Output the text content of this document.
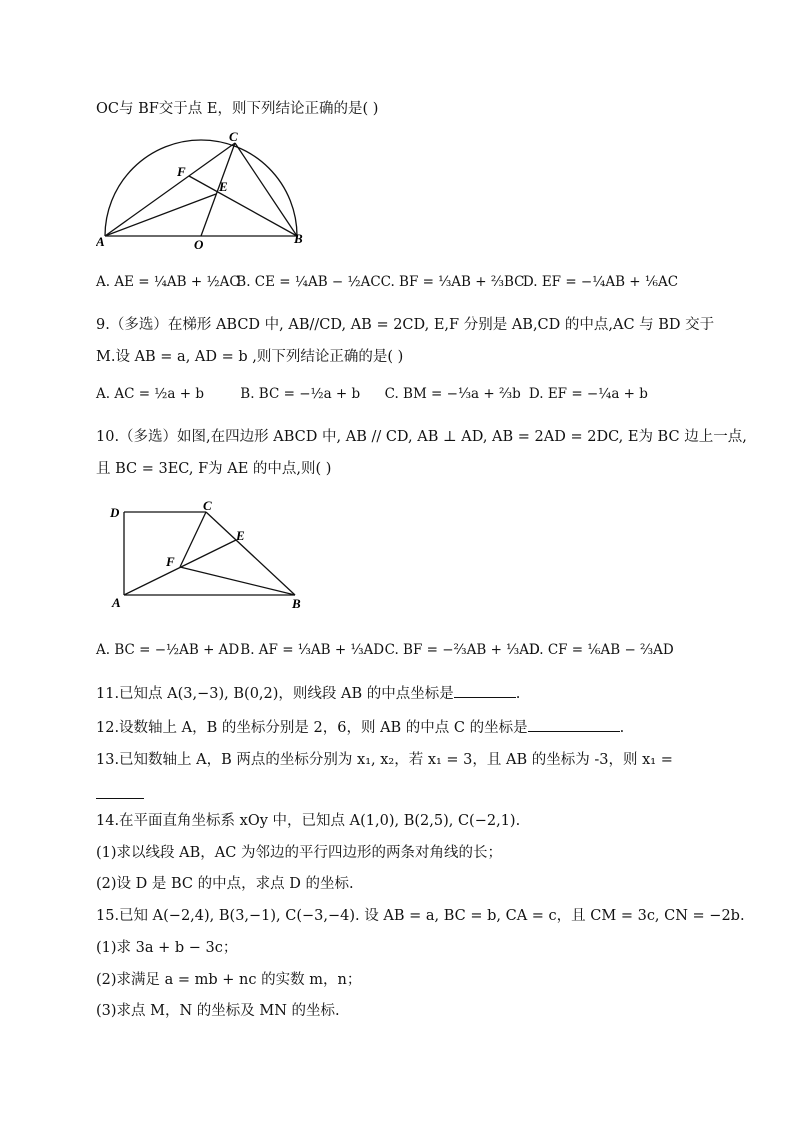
OC与 BF交于点 E，则下列结论正确的是( )
A	B
C
F
E
O
A. AE = ¼AB + ½AC B. CE = ¼AB − ½AC C. BF = ⅓AB + ⅔BC D. EF = −¼AB + ⅙AC
9.（多选）在梯形 ABCD 中, AB//CD, AB = 2CD, E,F 分别是 AB,CD 的中点,AC 与 BD 交于
M.设 AB = a, AD = b ,则下列结论正确的是( )
A. AC = ½a + b	B. BC = −½a + b C. BM = −⅓a + ⅔b D. EF = −¼a + b
10.（多选）如图,在四边形 ABCD 中, AB // CD, AB ⊥ AD, AB = 2AD = 2DC, E为 BC 边上一点,
且 BC = 3EC, F为 AE 的中点,则( )
D	C
E
F
A	B
A. BC = −½AB + AD B. AF = ⅓AB + ⅓AD C. BF = −⅔AB + ⅓AD D. CF = ⅙AB − ⅔AD
11.已知点 A(3,−3), B(0,2)，则线段 AB 的中点坐标是	.
12.设数轴上 A，B 的坐标分别是 2，6，则 AB 的中点 C 的坐标是	.
13.已知数轴上 A，B 两点的坐标分别为 x₁, x₂，若 x₁ = 3，且 AB 的坐标为 -3，则 x₁ =
14.在平面直角坐标系 xOy 中，已知点 A(1,0), B(2,5), C(−2,1).
(1)求以线段 AB，AC 为邻边的平行四边形的两条对角线的长；
(2)设 D 是 BC 的中点，求点 D 的坐标.
15.已知 A(−2,4), B(3,−1), C(−3,−4). 设 AB = a, BC = b, CA = c，且 CM = 3c, CN = −2b.
(1)求 3a + b − 3c；
(2)求满足 a = mb + nc 的实数 m，n；
(3)求点 M，N 的坐标及 MN 的坐标.
